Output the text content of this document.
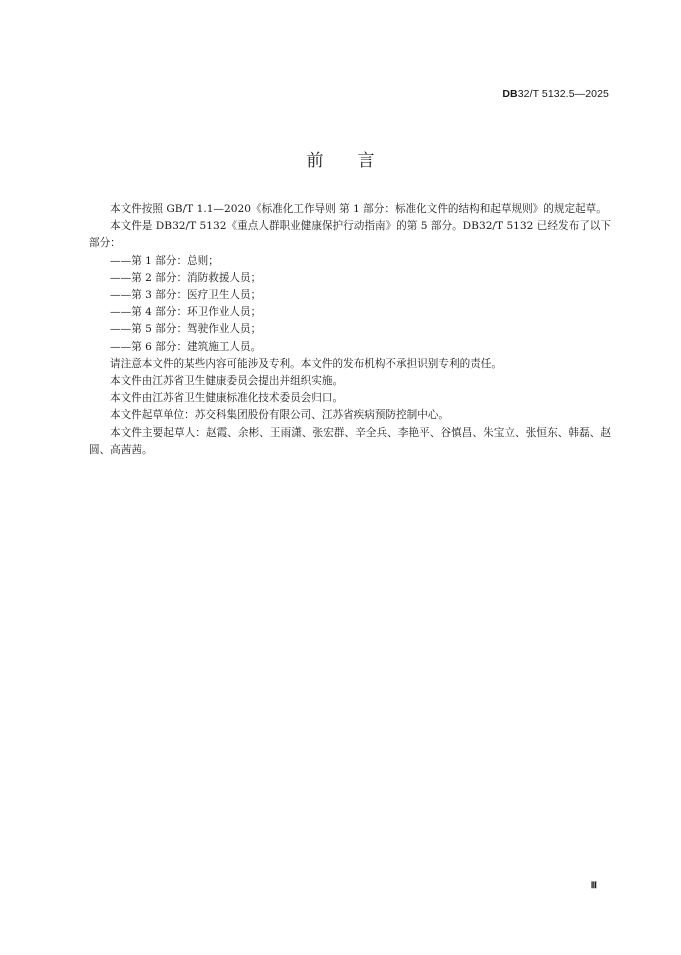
DB32/T 5132.5—2025
前 言

本文件按照 GB/T 1.1—2020《标准化工作导则 第 1 部分：标准化文件的结构和起草规则》的规定起草。

本文件是 DB32/T 5132《重点人群职业健康保护行动指南》的第 5 部分。DB32/T 5132 已经发布了以下部分：

——第 1 部分：总则；

——第 2 部分：消防救援人员；

——第 3 部分：医疗卫生人员；

——第 4 部分：环卫作业人员；

——第 5 部分：驾驶作业人员；

——第 6 部分：建筑施工人员。

请注意本文件的某些内容可能涉及专利。本文件的发布机构不承担识别专利的责任。

本文件由江苏省卫生健康委员会提出并组织实施。

本文件由江苏省卫生健康标准化技术委员会归口。

本文件起草单位：苏交科集团股份有限公司、江苏省疾病预防控制中心。

本文件主要起草人：赵霞、余彬、王雨潇、张宏群、辛全兵、李艳平、谷慎昌、朱宝立、张恒东、韩磊、赵圆、高茜茜。

Ⅲ
